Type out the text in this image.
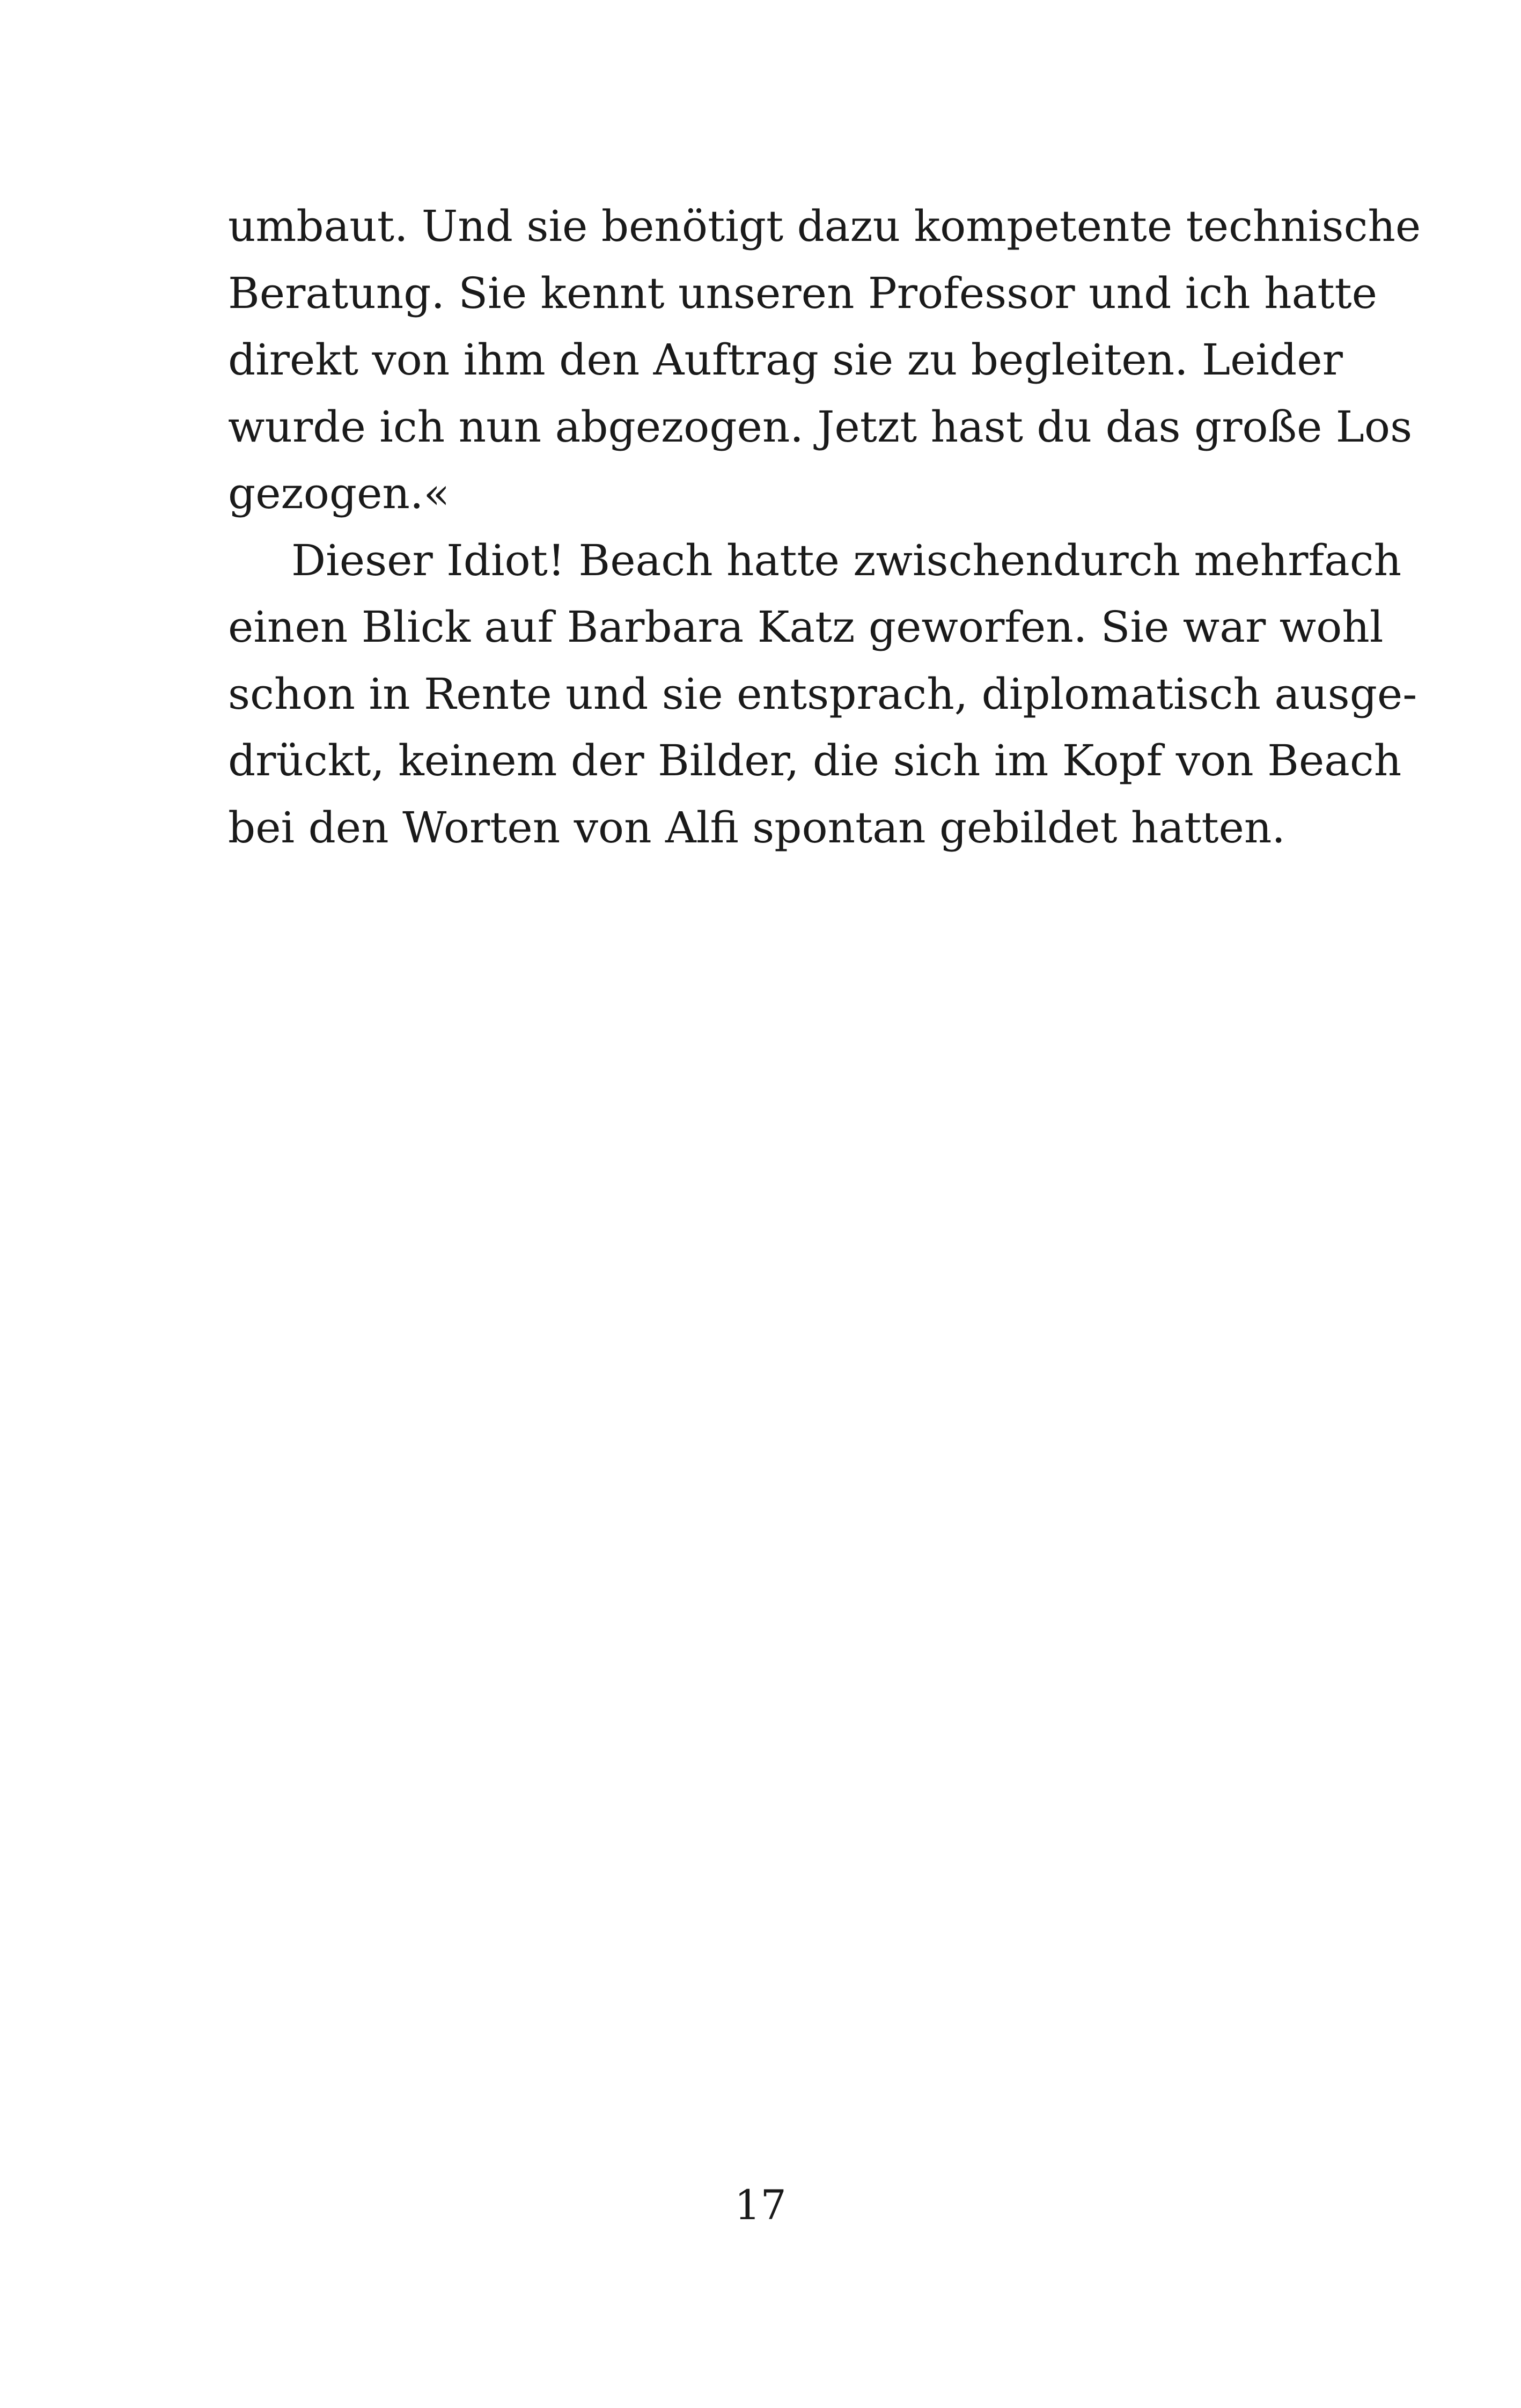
umbaut. Und sie benötigt dazu kompetente technische
Beratung. Sie kennt unseren Professor und ich hatte
direkt von ihm den Auftrag sie zu begleiten. Leider
wurde ich nun abgezogen. Jetzt hast du das große Los
gezogen.«
Dieser Idiot! Beach hatte zwischendurch mehrfach
einen Blick auf Barbara Katz geworfen. Sie war wohl
schon in Rente und sie entsprach, diplomatisch ausge-
drückt, keinem der Bilder, die sich im Kopf von Beach
bei den Worten von Alfi spontan gebildet hatten.
17
